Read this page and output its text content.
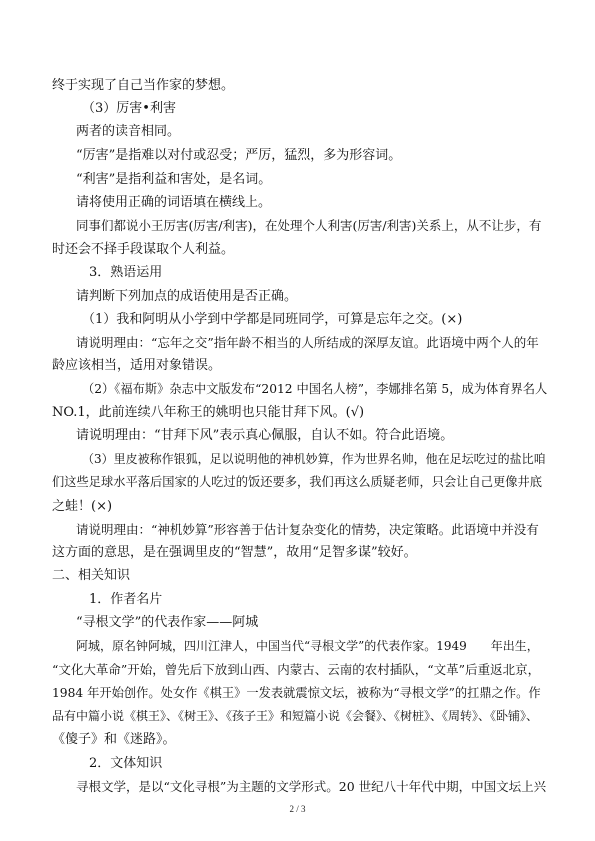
终于实现了自己当作家的梦想。
（3）厉害•利害
两者的读音相同。
“厉害”是指难以对付或忍受；严厉，猛烈，多为形容词。
“利害”是指利益和害处，是名词。
请将使用正确的词语填在横线上。
同事们都说小王厉害(厉害/利害)，在处理个人利害(厉害/利害)关系上，从不让步，有
时还会不择手段谋取个人利益。
3．熟语运用
请判断下列加点的成语使用是否正确。
（1）我和阿明从小学到中学都是同班同学，可算是忘年之交。(×)
请说明理由：“忘年之交”指年龄不相当的人所结成的深厚友谊。此语境中两个人的年
龄应该相当，适用对象错误。
（2）《福布斯》杂志中文版发布“2012 中国名人榜”，李娜排名第 5，成为体育界名人
NO.1，此前连续八年称王的姚明也只能甘拜下风。(√)
请说明理由：“甘拜下风”表示真心佩服，自认不如。符合此语境。
（3）里皮被称作银狐，足以说明他的神机妙算，作为世界名帅，他在足坛吃过的盐比咱
们这些足球水平落后国家的人吃过的饭还要多，我们再这么质疑老师，只会让自己更像井底
之蛙！(×)
请说明理由：“神机妙算”形容善于估计复杂变化的情势，决定策略。此语境中并没有
这方面的意思，是在强调里皮的“智慧”，故用“足智多谋”较好。
二、相关知识
1．作者名片
“寻根文学”的代表作家——阿城
阿城，原名钟阿城，四川江津人，中国当代“寻根文学”的代表作家。1949　　年出生，
“文化大革命”开始，曾先后下放到山西、内蒙古、云南的农村插队，“文革”后重返北京，
1984 年开始创作。处女作《棋王》一发表就震惊文坛，被称为“寻根文学”的扛鼎之作。作
品有中篇小说《棋王》、《树王》、《孩子王》和短篇小说《会餐》、《树桩》、《周转》、《卧铺》、
《傻子》和《迷路》。
2．文体知识
寻根文学，是以“文化寻根”为主题的文学形式。20 世纪八十年代中期，中国文坛上兴
2 / 3
